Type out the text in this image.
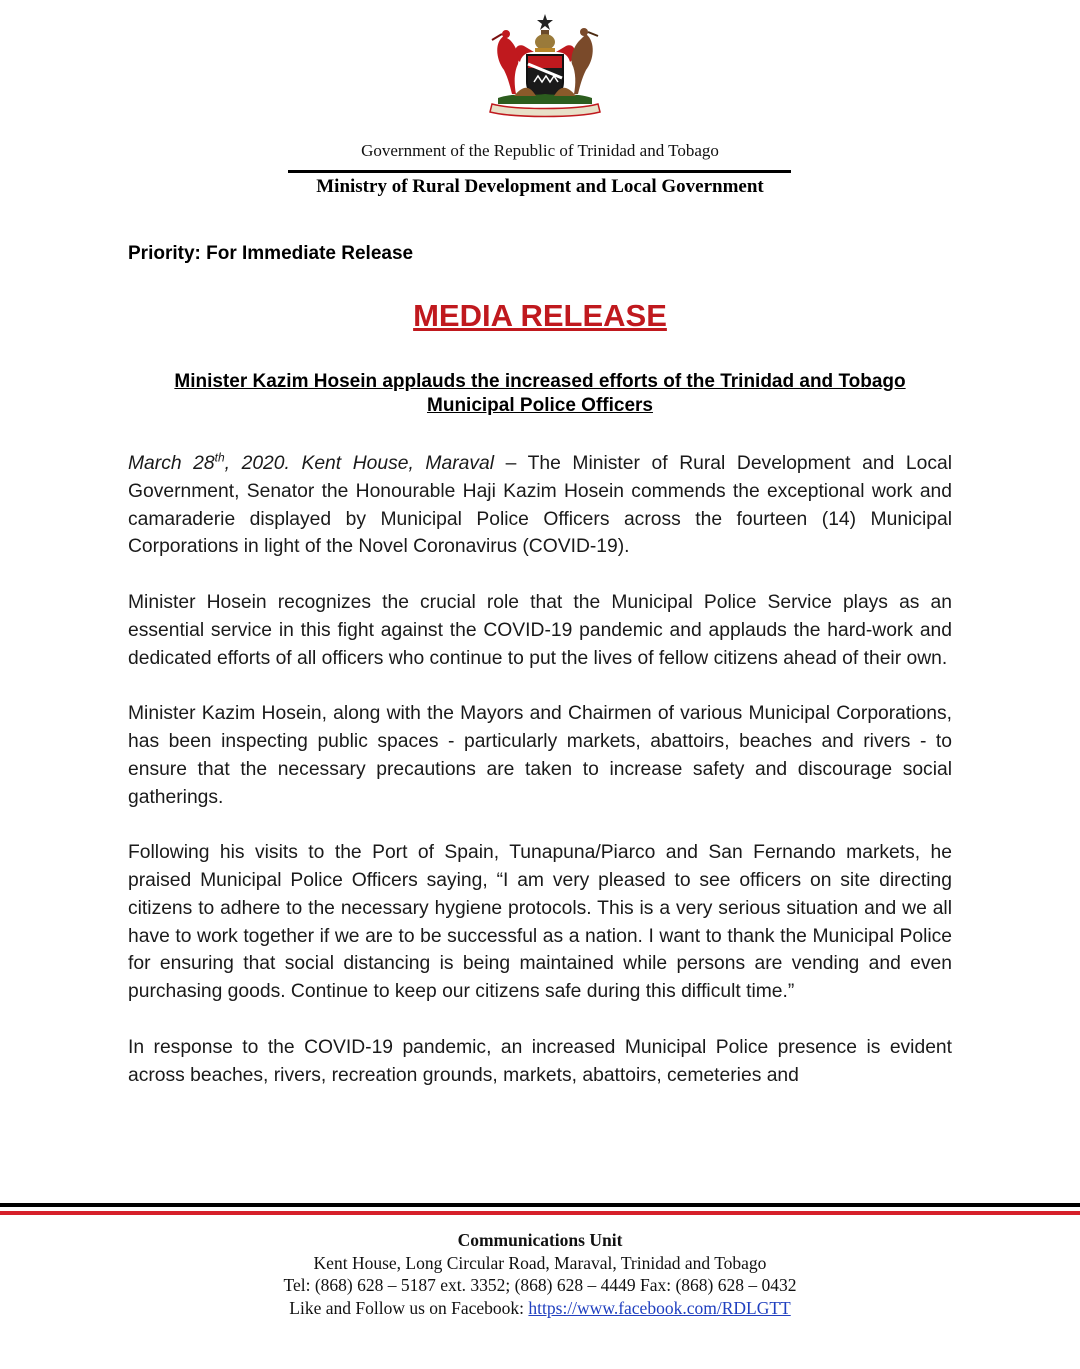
Government of the Republic of Trinidad and Tobago
Ministry of Rural Development and Local Government
Priority: For Immediate Release
MEDIA RELEASE
Minister Kazim Hosein applauds the increased efforts of the Trinidad and Tobago
Municipal Police Officers

March 28th, 2020. Kent House, Maraval – The Minister of Rural Development and Local Government, Senator the Honourable Haji Kazim Hosein commends the exceptional work and camaraderie displayed by Municipal Police Officers across the fourteen (14) Municipal Corporations in light of the Novel Coronavirus (COVID-19).

Minister Hosein recognizes the crucial role that the Municipal Police Service plays as an essential service in this fight against the COVID-19 pandemic and applauds the hard-work and dedicated efforts of all officers who continue to put the lives of fellow citizens ahead of their own.

Minister Kazim Hosein, along with the Mayors and Chairmen of various Municipal Corporations, has been inspecting public spaces - particularly markets, abattoirs, beaches and rivers - to ensure that the necessary precautions are taken to increase safety and discourage social gatherings.

Following his visits to the Port of Spain, Tunapuna/Piarco and San Fernando markets, he praised Municipal Police Officers saying, “I am very pleased to see officers on site directing citizens to adhere to the necessary hygiene protocols. This is a very serious situation and we all have to work together if we are to be successful as a nation. I want to thank the Municipal Police for ensuring that social distancing is being maintained while persons are vending and even purchasing goods. Continue to keep our citizens safe during this difficult time.”

In response to the COVID-19 pandemic, an increased Municipal Police presence is evident across beaches, rivers, recreation grounds, markets, abattoirs, cemeteries and

Communications Unit
Kent House, Long Circular Road, Maraval, Trinidad and Tobago
Tel: (868) 628 – 5187 ext. 3352; (868) 628 – 4449 Fax: (868) 628 – 0432
Like and Follow us on Facebook: https://www.facebook.com/RDLGTT
